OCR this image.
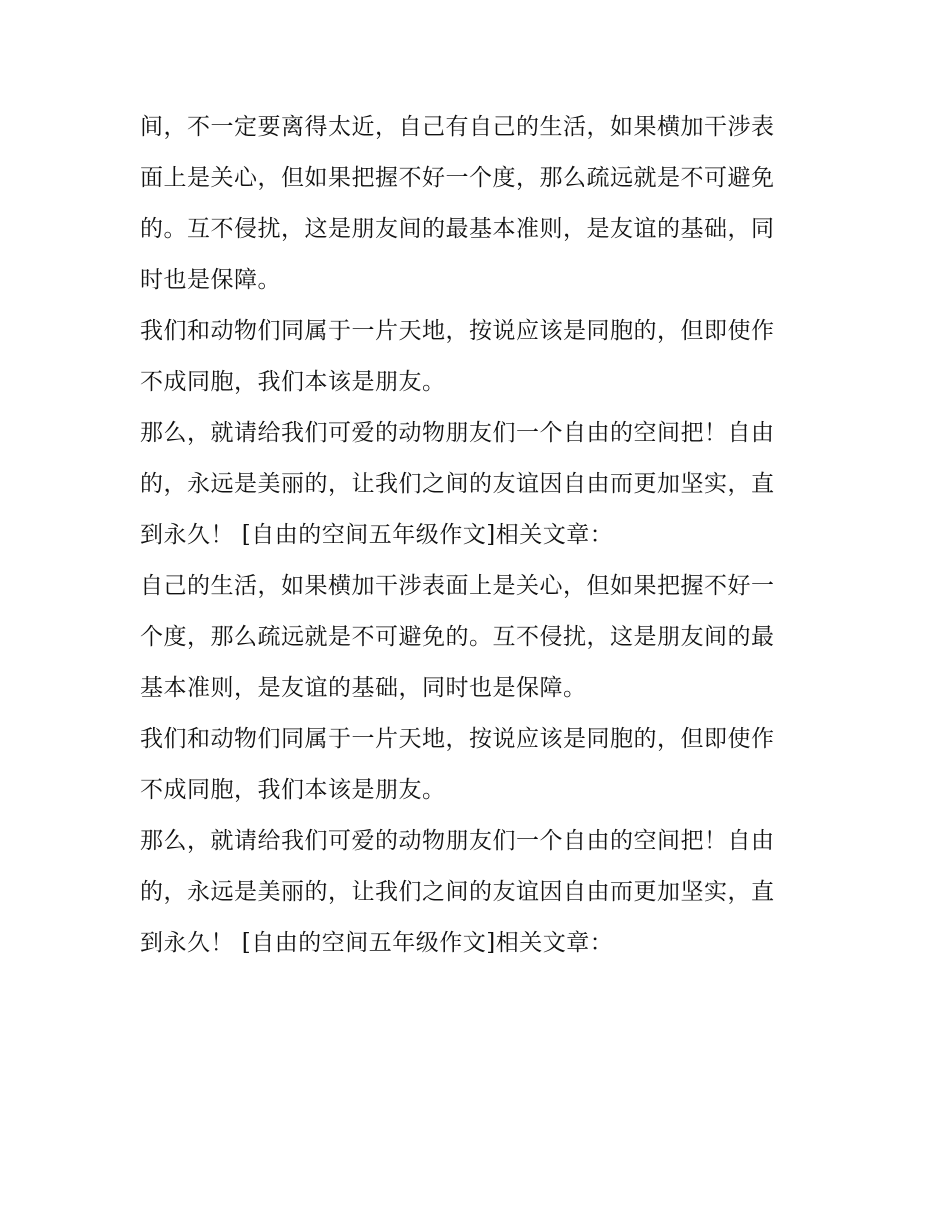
间，不一定要离得太近，自己有自己的生活，如果横加干涉表
面上是关心，但如果把握不好一个度，那么疏远就是不可避免
的。互不侵扰，这是朋友间的最基本准则，是友谊的基础，同
时也是保障。

我们和动物们同属于一片天地，按说应该是同胞的，但即使作
不成同胞，我们本该是朋友。

那么，就请给我们可爱的动物朋友们一个自由的空间把！自由
的，永远是美丽的，让我们之间的友谊因自由而更加坚实，直
到永久！ [自由的空间五年级作文]相关文章：

自己的生活，如果横加干涉表面上是关心，但如果把握不好一
个度，那么疏远就是不可避免的。互不侵扰，这是朋友间的最
基本准则，是友谊的基础，同时也是保障。

我们和动物们同属于一片天地，按说应该是同胞的，但即使作
不成同胞，我们本该是朋友。

那么，就请给我们可爱的动物朋友们一个自由的空间把！自由
的，永远是美丽的，让我们之间的友谊因自由而更加坚实，直
到永久！ [自由的空间五年级作文]相关文章：
